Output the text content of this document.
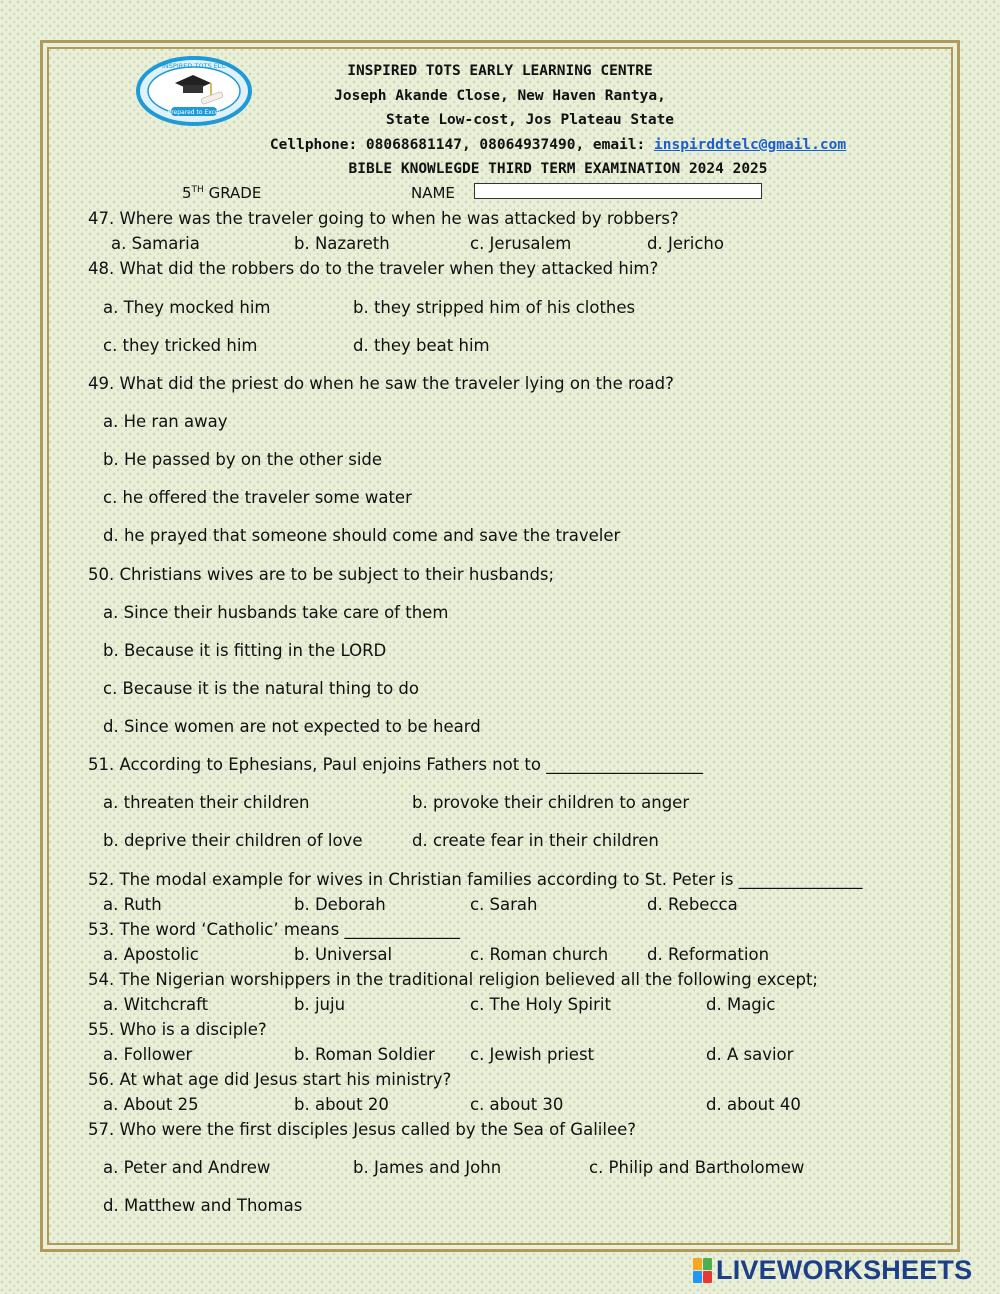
INSPIRED TOTS ELC
Prepared to Excel
INSPIRED TOTS EARLY LEARNING CENTRE
Joseph Akande Close, New Haven Rantya,
State Low-cost, Jos Plateau State
Cellphone: 08068681147, 08064937490, email: inspirddtelc@gmail.com
BIBLE KNOWLEGDE THIRD TERM EXAMINATION 2024 2025
5TH GRADE	NAME
47. Where was the traveler going to when he was attacked by robbers?
a. Samaria	b. Nazareth	c. Jerusalem	d. Jericho
48. What did the robbers do to the traveler when they attacked him?
a. They mocked him	b. they stripped him of his clothes
c. they tricked him	d. they beat him
49. What did the priest do when he saw the traveler lying on the road?
a. He ran away
b. He passed by on the other side
c. he offered the traveler some water
d. he prayed that someone should come and save the traveler
50. Christians wives are to be subject to their husbands;
a. Since their husbands take care of them
b. Because it is fitting in the LORD
c. Because it is the natural thing to do
d. Since women are not expected to be heard
51. According to Ephesians, Paul enjoins Fathers not to ___________________
a. threaten their children	b. provoke their children to anger
b. deprive their children of love	d. create fear in their children
52. The modal example for wives in Christian families according to St. Peter is _______________
a. Ruth	b. Deborah	c. Sarah	d. Rebecca
53. The word ‘Catholic’ means ______________
a. Apostolic	b. Universal	c. Roman church d. Reformation
54. The Nigerian worshippers in the traditional religion believed all the following except;
a. Witchcraft	b. juju	c. The Holy Spirit	d. Magic
55. Who is a disciple?
a. Follower	b. Roman Soldier c. Jewish priest	d. A savior
56. At what age did Jesus start his ministry?
a. About 25	b. about 20	c. about 30	d. about 40
57. Who were the first disciples Jesus called by the Sea of Galilee?
a. Peter and Andrew	b. James and John	c. Philip and Bartholomew
d. Matthew and Thomas
LIVEWORKSHEETS
